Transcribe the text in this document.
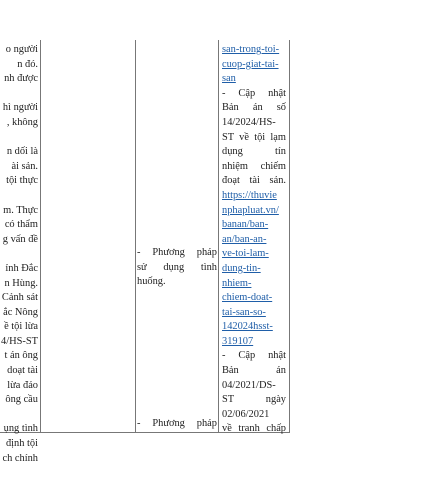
o người
n đó.
nh được
hì người
, không
n dối là
ài sản.
tội thực
m. Thực
có thẩm
g vấn đề
ỉnh Đắc
n Hùng.
Cảnh sát
ắc Nông
ề tội lừa
4/HS-ST
t án ông
doạt tài
lừa đảo
ông cầu
ụng tình
định tội
ch chính
- Phương pháp
sử dụng tình
huống.
- Phương pháp
san-trong-toi-
cuop-giat-tai-
san
- Cập nhật
Bản án số
14/2024/HS-
ST về tội lạm
dụng tín
nhiệm chiếm
đoạt tài sản.
https://thuvie
nphapluat.vn/
banan/ban-
an/ban-an-
ve-toi-lam-
dung-tin-
nhiem-
chiem-doat-
tai-san-so-
142024hsst-
319107
- Cập nhật
Bản án
04/2021/DS-
ST ngày
02/06/2021
về tranh chấp
